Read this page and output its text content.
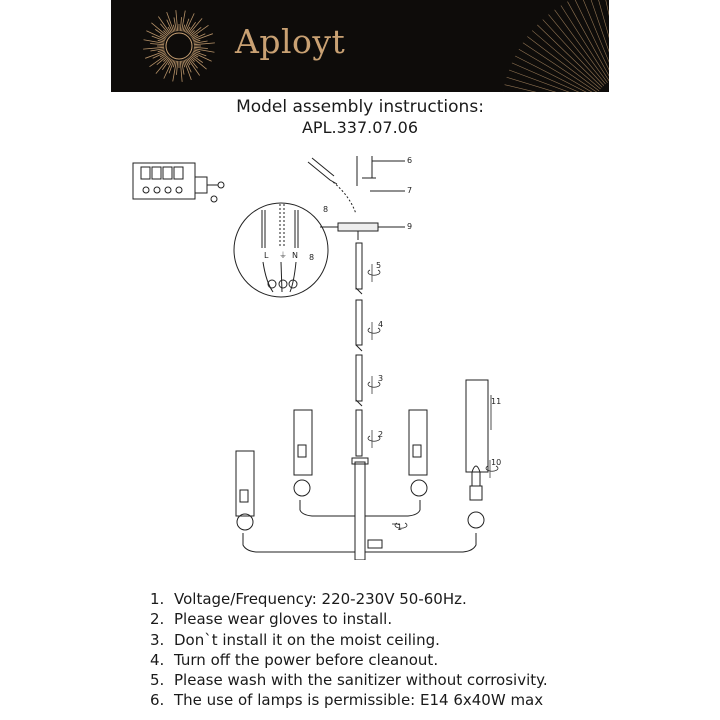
Aployt
Model assembly instructions:
APL.337.07.06
L ⏚ N 8
2
3
4
5
6
7
8
9
10
11
1
1. Voltage/Frequency: 220-230V 50-60Hz.
2. Please wear gloves to install.
3. Don`t install it on the moist ceiling.
4. Turn off the power before cleanout.
5. Please wash with the sanitizer without corrosivity.
6. The use of lamps is permissible: E14 6x40W max
